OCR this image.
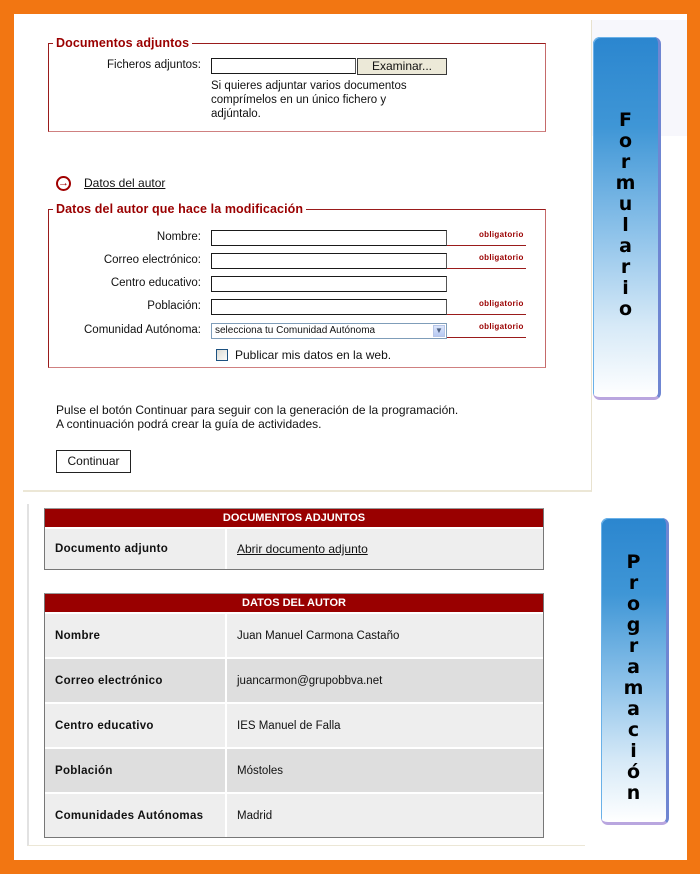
Documentos adjuntos
Ficheros adjuntos:	Examinar...
Si quieres adjuntar varios documentos
comprímelos en un único fichero y
adjúntalo.
→ Datos del autor
Datos del autor que hace la modificación
Nombre:	obligatorio
Correo electrónico:	obligatorio
Centro educativo:
Población:	obligatorio
Comunidad Autónoma:	selecciona tu Comunidad Autónoma	▼	obligatorio
Publicar mis datos en la web.
Pulse el botón Continuar para seguir con la generación de la programación.
A continuación podrá crear la guía de actividades.
Continuar
DOCUMENTOS ADJUNTOS
Documento adjunto	Abrir documento adjunto
DATOS DEL AUTOR
Nombre	Juan Manuel Carmona Castaño
Correo electrónico	juancarmon@grupobbva.net
Centro educativo	IES Manuel de Falla
Población	Móstoles
Comunidades Autónomas	Madrid
F
o
r
m
u
l
a
r
i
o
P
r
o
g
r
a
m
a
c
i
ó
n
